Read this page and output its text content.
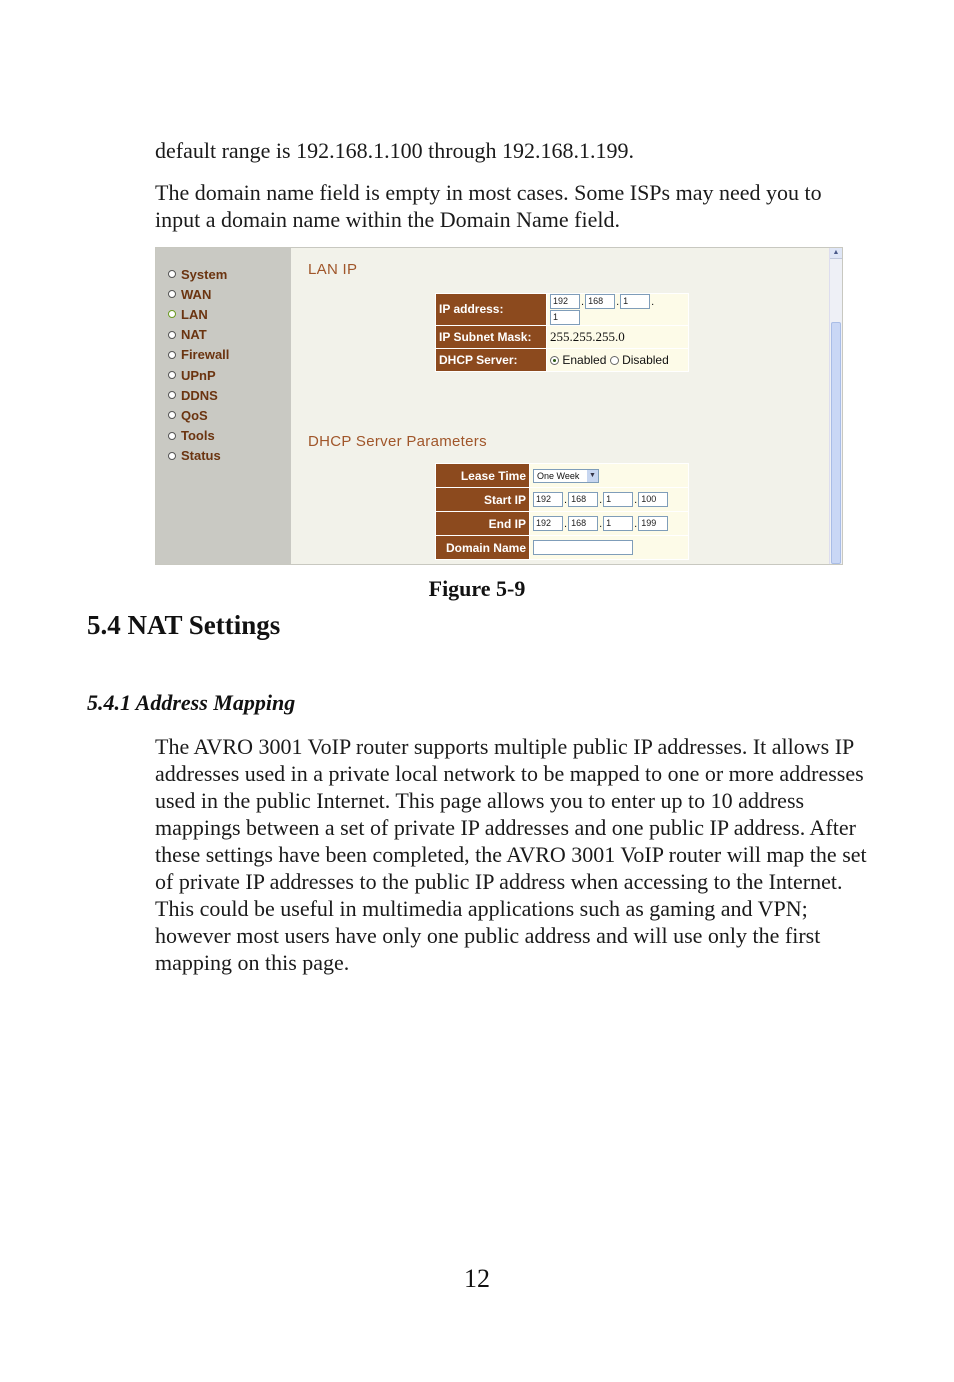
default range is 192.168.1.100 through 192.168.1.199.

The domain name field is empty in most cases. Some ISPs may need you to input a domain name within the Domain Name field.

System
WAN
LAN
NAT
Firewall
UPnP
DDNS
QoS
Tools
Status
LAN IP
IP address:	192 . 168 . 1 .1
IP Subnet Mask:	255.255.255.0
DHCP Server:	Enabled Disabled
DHCP Server Parameters
Lease Time	One Week ▼

Start IP	192 . 168 . 1 . 100
End IP	192 . 168 . 1 . 199
Domain Name	
▲
Figure 5-9
5.4 NAT Settings
5.4.1 Address Mapping

The AVRO 3001 VoIP router supports multiple public IP addresses. It allows IP addresses used in a private local network to be mapped to one or more addresses used in the public Internet. This page allows you to enter up to 10 address mappings between a set of private IP addresses and one public IP address. After these settings have been completed, the AVRO 3001 VoIP router will map the set of private IP addresses to the public IP address when accessing to the Internet. This could be useful in multimedia applications such as gaming and VPN; however most users have only one public address and will use only the first mapping on this page.

12
